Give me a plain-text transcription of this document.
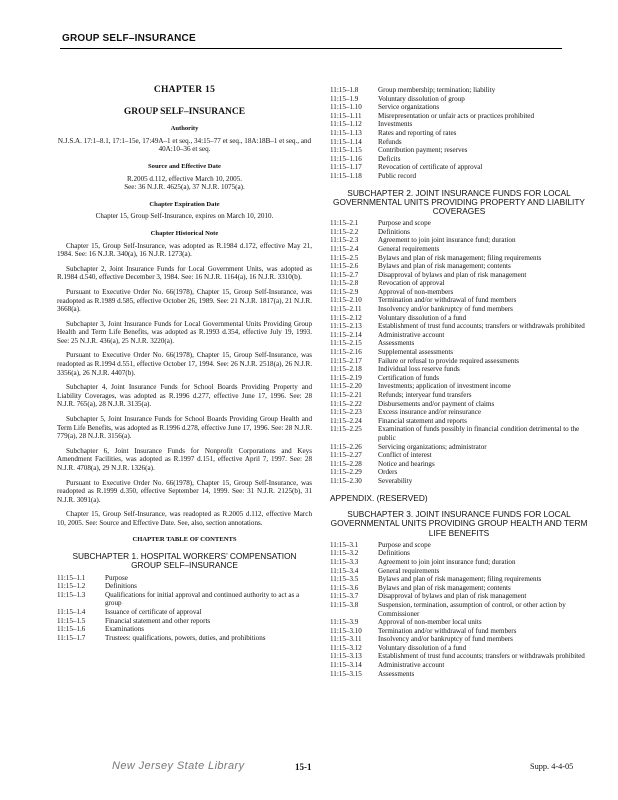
GROUP SELF–INSURANCE
CHAPTER 15
GROUP SELF–INSURANCE
Authority
N.J.S.A. 17:1–8.1, 17:1–15e, 17:49A–1 et seq., 34:15–77 et seq., 18A:18B–1 et seq., and 40A:10–36 et seq.
Source and Effective Date
R.2005 d.112, effective March 10, 2005.
See: 36 N.J.R. 4625(a), 37 N.J.R. 1075(a).
Chapter Expiration Date
Chapter 15, Group Self-Insurance, expires on March 10, 2010.
Chapter Historical Note

Chapter 15, Group Self-Insurance, was adopted as R.1984 d.172, effective May 21, 1984. See: 16 N.J.R. 340(a), 16 N.J.R. 1273(a).

Subchapter 2, Joint Insurance Funds for Local Government Units, was adopted as R.1984 d.540, effective December 3, 1984. See: 16 N.J.R. 1164(a), 16 N.J.R. 3310(b).

Pursuant to Executive Order No. 66(1978), Chapter 15, Group Self-Insurance, was readopted as R.1989 d.585, effective October 26, 1989. See: 21 N.J.R. 1817(a), 21 N.J.R. 3668(a).

Subchapter 3, Joint Insurance Funds for Local Governmental Units Providing Group Health and Term Life Benefits, was adopted as R.1993 d.354, effective July 19, 1993. See: 25 N.J.R. 436(a), 25 N.J.R. 3220(a).

Pursuant to Executive Order No. 66(1978), Chapter 15, Group Self-Insurance, was readopted as R.1994 d.551, effective October 17, 1994. See: 26 N.J.R. 2518(a), 26 N.J.R. 3356(a), 26 N.J.R. 4407(b).

Subchapter 4, Joint Insurance Funds for School Boards Providing Property and Liability Coverages, was adopted as R.1996 d.277, effective June 17, 1996. See: 28 N.J.R. 765(a), 28 N.J.R. 3135(a).

Subchapter 5, Joint Insurance Funds for School Boards Providing Group Health and Term Life Benefits, was adopted as R.1996 d.278, effective June 17, 1996. See: 28 N.J.R. 779(a), 28 N.J.R. 3156(a).

Subchapter 6, Joint Insurance Funds for Nonprofit Corporations and Keys Amendment Facilities, was adopted as R.1997 d.151, effective April 7, 1997. See: 28 N.J.R. 4708(a), 29 N.J.R. 1326(a).

Pursuant to Executive Order No. 66(1978), Chapter 15, Group Self-Insurance, was readopted as R.1999 d.350, effective September 14, 1999. See: 31 N.J.R. 2125(b), 31 N.J.R. 3091(a).

Chapter 15, Group Self-Insurance, was readopted as R.2005 d.112, effective March 10, 2005. See: Source and Effective Date. See, also, section annotations.

CHAPTER TABLE OF CONTENTS
SUBCHAPTER 1. HOSPITAL WORKERS’ COMPENSATION GROUP SELF–INSURANCE
11:15–1.1	Purpose
11:15–1.2	Definitions
11:15–1.3	Qualifications for initial approval and continued authority to act as a group
11:15–1.4	Issuance of certificate of approval
11:15–1.5	Financial statement and other reports
11:15–1.6	Examinations
11:15–1.7	Trustees: qualifications, powers, duties, and prohibitions
11:15–1.8	Group membership; termination; liability
11:15–1.9	Voluntary dissolution of group
11:15–1.10	Service organizations
11:15–1.11	Misrepresentation or unfair acts or practices prohibited
11:15–1.12	Investments
11:15–1.13	Rates and reporting of rates
11:15–1.14	Refunds
11:15–1.15	Contribution payment; reserves
11:15–1.16	Deficits
11:15–1.17	Revocation of certificate of approval
11:15–1.18	Public record
SUBCHAPTER 2. JOINT INSURANCE FUNDS FOR LOCAL GOVERNMENTAL UNITS PROVIDING PROPERTY AND LIABILITY COVERAGES
11:15–2.1	Purpose and scope
11:15–2.2	Definitions
11:15–2.3	Agreement to join joint insurance fund; duration
11:15–2.4	General requirements
11:15–2.5	Bylaws and plan of risk management; filing requirements
11:15–2.6	Bylaws and plan of risk management; contents
11:15–2.7	Disapproval of bylaws and plan of risk management
11:15–2.8	Revocation of approval
11:15–2.9	Approval of non-members
11:15–2.10	Termination and/or withdrawal of fund members
11:15–2.11	Insolvency and/or bankruptcy of fund members
11:15–2.12	Voluntary dissolution of a fund
11:15–2.13	Establishment of trust fund accounts; transfers or withdrawals prohibited
11:15–2.14	Administrative account
11:15–2.15	Assessments
11:15–2.16	Supplemental assessments
11:15–2.17	Failure or refusal to provide required assessments
11:15–2.18	Individual loss reserve funds
11:15–2.19	Certification of funds
11:15–2.20	Investments; application of investment income
11:15–2.21	Refunds; interyear fund transfers
11:15–2.22	Disbursements and/or payment of claims
11:15–2.23	Excess insurance and/or reinsurance
11:15–2.24	Financial statement and reports
11:15–2.25	Examination of funds possibly in financial condition detrimental to the public
11:15–2.26	Servicing organizations; administrator
11:15–2.27	Conflict of interest
11:15–2.28	Notice and hearings
11:15–2.29	Orders
11:15–2.30	Severability
APPENDIX. (RESERVED)
SUBCHAPTER 3. JOINT INSURANCE FUNDS FOR LOCAL GOVERNMENTAL UNITS PROVIDING GROUP HEALTH AND TERM LIFE BENEFITS
11:15–3.1	Purpose and scope
11:15–3.2	Definitions
11:15–3.3	Agreement to join joint insurance fund; duration
11:15–3.4	General requirements
11:15–3.5	Bylaws and plan of risk management; filing requirements
11:15–3.6	Bylaws and plan of risk management; contents
11:15–3.7	Disapproval of bylaws and plan of risk management
11:15–3.8	Suspension, termination, assumption of control, or other action by Commissioner
11:15–3.9	Approval of non-member local units
11:15–3.10	Termination and/or withdrawal of fund members
11:15–3.11	Insolvency and/or bankruptcy of fund members
11:15–3.12	Voluntary dissolution of a fund
11:15–3.13	Establishment of trust fund accounts; transfers or withdrawals prohibited
11:15–3.14	Administrative account
11:15–3.15	Assessments
New Jersey State Library	15-1	Supp. 4-4-05
